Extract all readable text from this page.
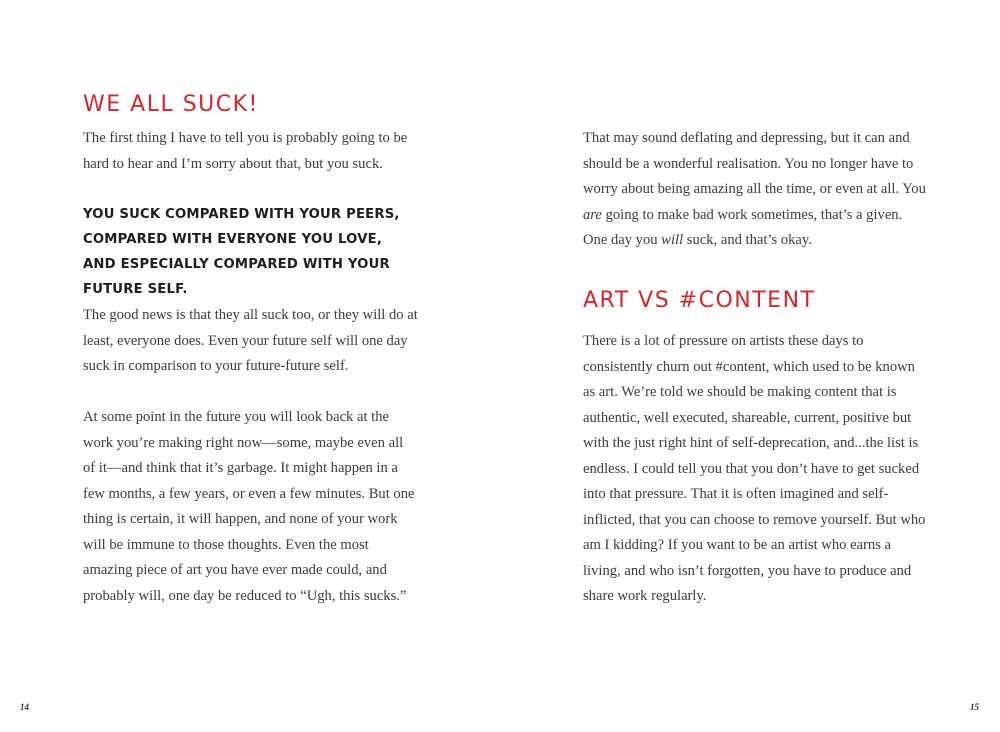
WE ALL SUCK!

The first thing I have to tell you is probably going to be hard to hear and I’m sorry about that, but you suck.

YOU SUCK COMPARED WITH YOUR PEERS, COMPARED WITH EVERYONE YOU LOVE, AND ESPECIALLY COMPARED WITH YOUR FUTURE SELF.

The good news is that they all suck too, or they will do at least, everyone does. Even your future self will one day suck in comparison to your future-future self.

At some point in the future you will look back at the work you’re making right now—some, maybe even all of it—and think that it’s garbage. It might happen in a few months, a few years, or even a few minutes. But one thing is certain, it will happen, and none of your work will be immune to those thoughts. Even the most amazing piece of art you have ever made could, and probably will, one day be reduced to “Ugh, this sucks.”

14

That may sound deflating and depressing, but it can and should be a wonderful realisation. You no longer have to worry about being amazing all the time, or even at all. You are going to make bad work sometimes, that’s a given. One day you will suck, and that’s okay.

ART VS #CONTENT

There is a lot of pressure on artists these days to consistently churn out #content, which used to be known as art. We’re told we should be making content that is authentic, well executed, shareable, current, positive but with the just right hint of self-deprecation, and...the list is endless. I could tell you that you don’t have to get sucked into that pressure. That it is often imagined and self-inflicted, that you can choose to remove yourself. But who am I kidding? If you want to be an artist who earns a living, and who isn’t forgotten, you have to produce and share work regularly.

15
